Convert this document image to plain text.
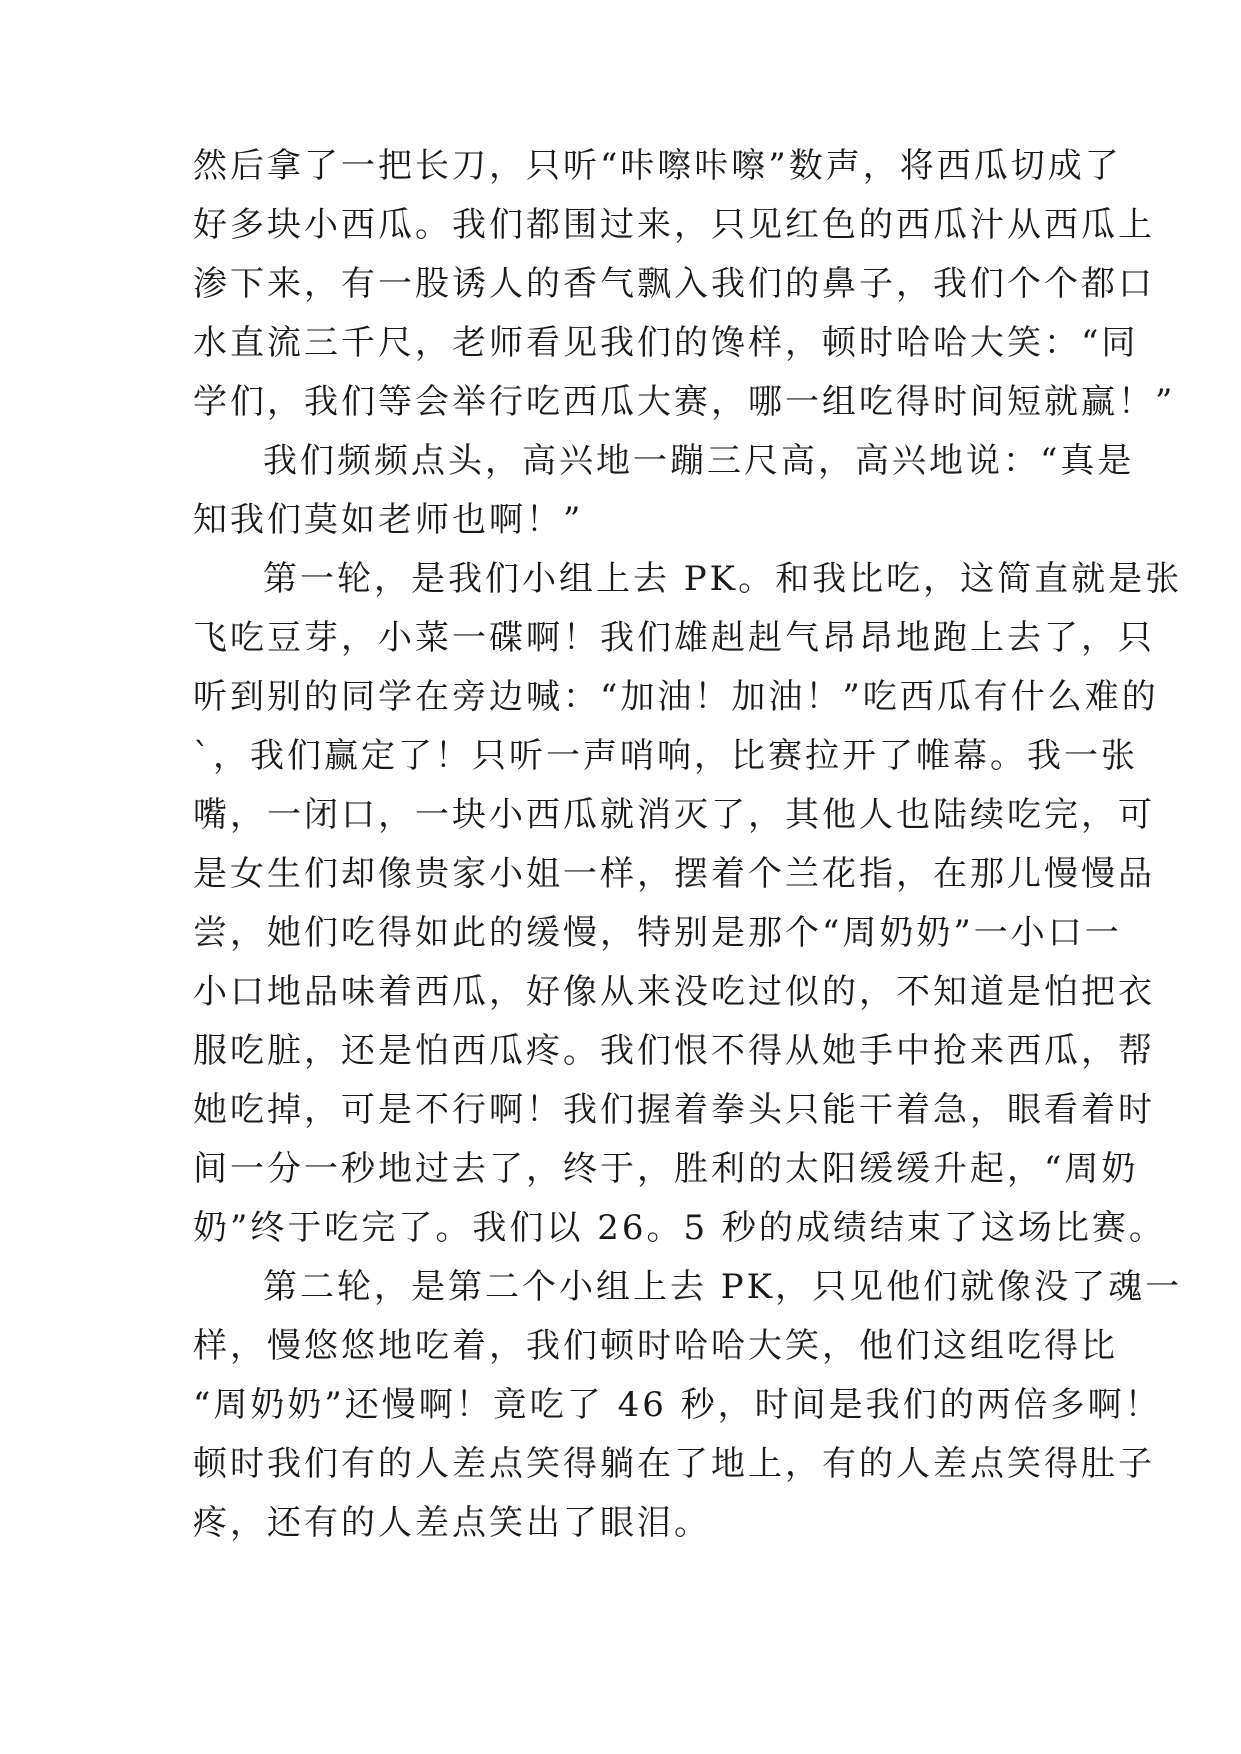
然后拿了一把长刀，只听“咔嚓咔嚓”数声，将西瓜切成了
好多块小西瓜。我们都围过来，只见红色的西瓜汁从西瓜上
渗下来，有一股诱人的香气飘入我们的鼻子，我们个个都口
水直流三千尺，老师看见我们的馋样，顿时哈哈大笑：“同
学们，我们等会举行吃西瓜大赛，哪一组吃得时间短就赢！”
我们频频点头，高兴地一蹦三尺高，高兴地说：“真是
知我们莫如老师也啊！”
第一轮，是我们小组上去 PK。和我比吃，这简直就是张
飞吃豆芽，小菜一碟啊！我们雄赳赳气昂昂地跑上去了，只
听到别的同学在旁边喊：“加油！加油！”吃西瓜有什么难的
`，我们赢定了！只听一声哨响，比赛拉开了帷幕。我一张
嘴，一闭口，一块小西瓜就消灭了，其他人也陆续吃完，可
是女生们却像贵家小姐一样，摆着个兰花指，在那儿慢慢品
尝，她们吃得如此的缓慢，特别是那个“周奶奶”一小口一
小口地品味着西瓜，好像从来没吃过似的，不知道是怕把衣
服吃脏，还是怕西瓜疼。我们恨不得从她手中抢来西瓜，帮
她吃掉，可是不行啊！我们握着拳头只能干着急，眼看着时
间一分一秒地过去了，终于，胜利的太阳缓缓升起，“周奶
奶”终于吃完了。我们以 26。5 秒的成绩结束了这场比赛。
第二轮，是第二个小组上去 PK，只见他们就像没了魂一
样，慢悠悠地吃着，我们顿时哈哈大笑，他们这组吃得比
“周奶奶”还慢啊！竟吃了 46 秒，时间是我们的两倍多啊！
顿时我们有的人差点笑得躺在了地上，有的人差点笑得肚子
疼，还有的人差点笑出了眼泪。
